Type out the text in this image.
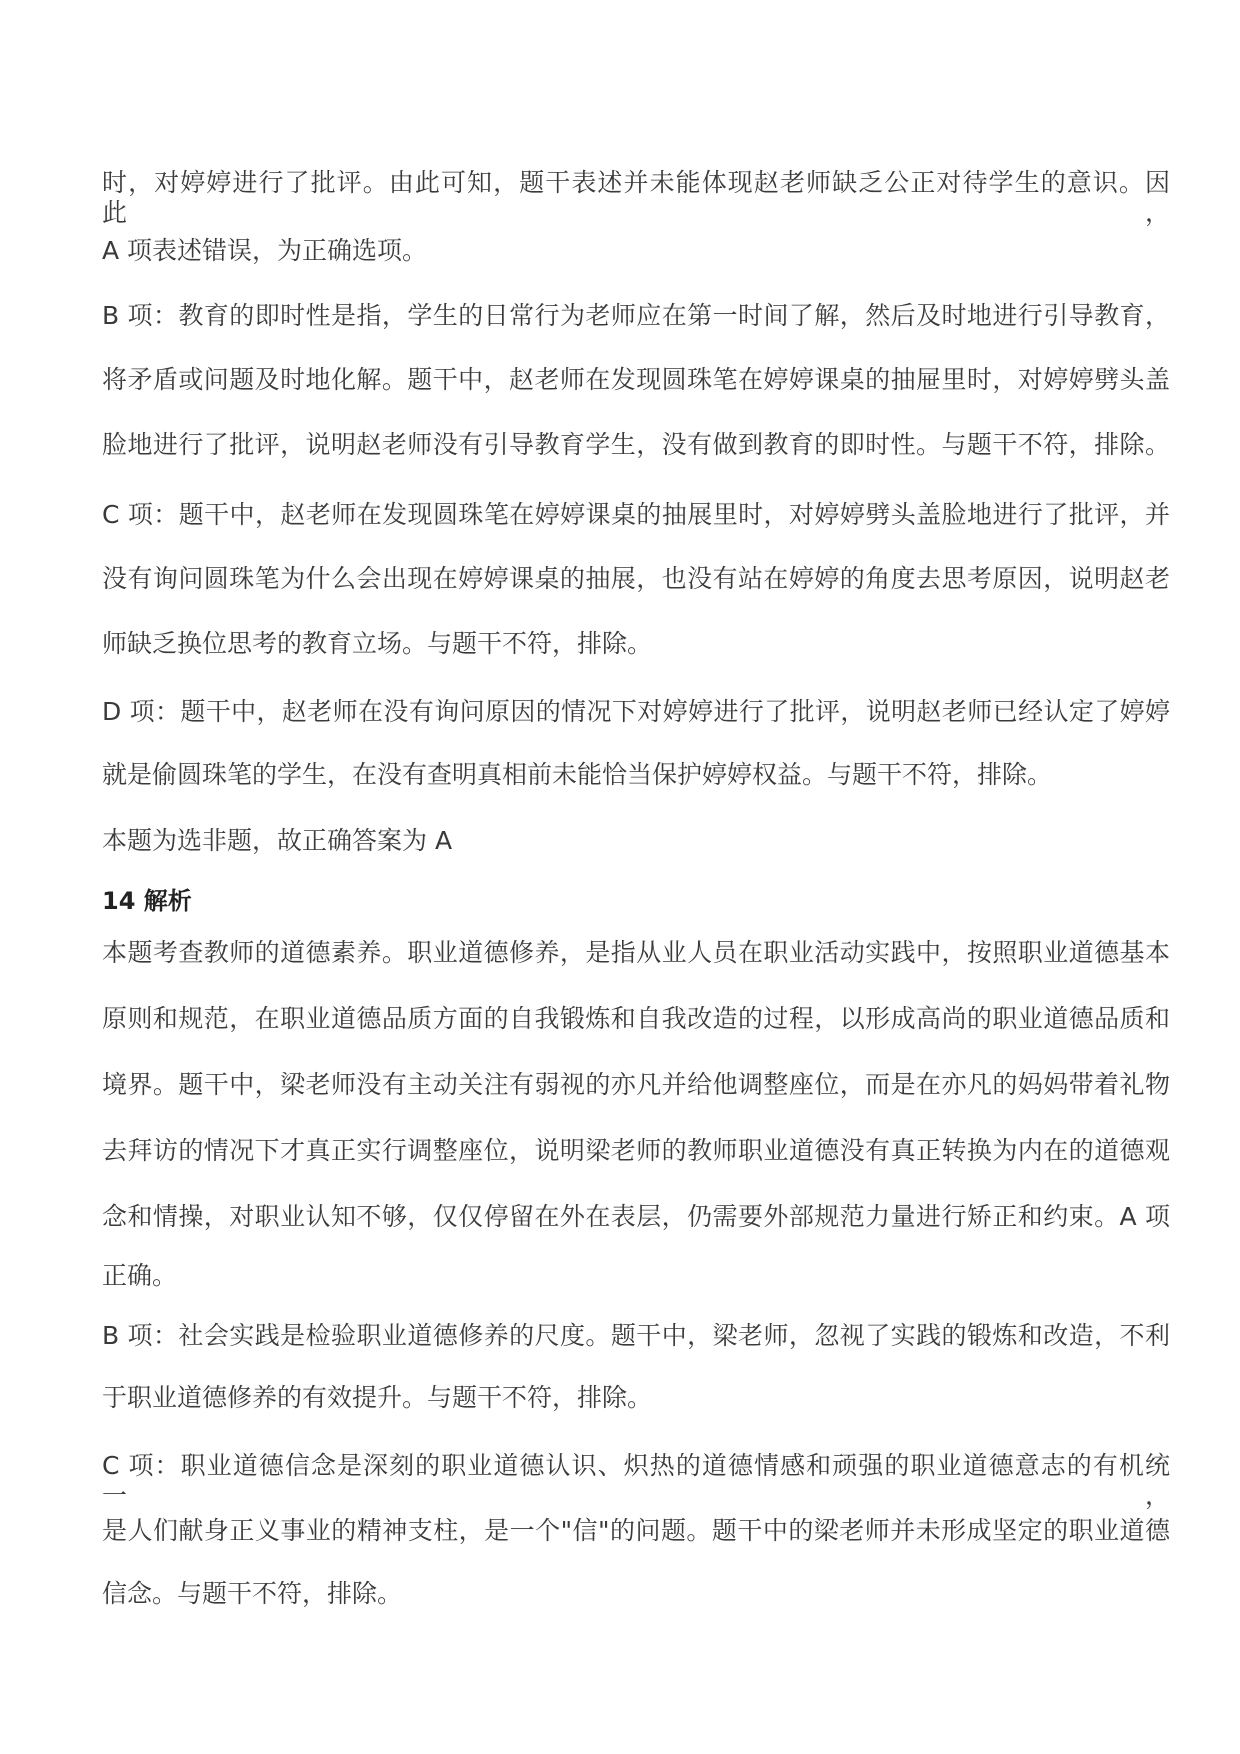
时，对婷婷进行了批评。由此可知，题干表述并未能体现赵老师缺乏公正对待学生的意识。因此，
A 项表述错误，为正确选项。
B 项：教育的即时性是指，学生的日常行为老师应在第一时间了解，然后及时地进行引导教育，
将矛盾或问题及时地化解。题干中，赵老师在发现圆珠笔在婷婷课桌的抽屉里时，对婷婷劈头盖
脸地进行了批评，说明赵老师没有引导教育学生，没有做到教育的即时性。与题干不符，排除。
C 项：题干中，赵老师在发现圆珠笔在婷婷课桌的抽展里时，对婷婷劈头盖脸地进行了批评，并
没有询问圆珠笔为什么会出现在婷婷课桌的抽展，也没有站在婷婷的角度去思考原因，说明赵老
师缺乏换位思考的教育立场。与题干不符，排除。
D 项：题干中，赵老师在没有询问原因的情况下对婷婷进行了批评，说明赵老师已经认定了婷婷
就是偷圆珠笔的学生，在没有查明真相前未能恰当保护婷婷权益。与题干不符，排除。
本题为选非题，故正确答案为 A
14 解析
本题考查教师的道德素养。职业道德修养，是指从业人员在职业活动实践中，按照职业道德基本
原则和规范，在职业道德品质方面的自我锻炼和自我改造的过程，以形成高尚的职业道德品质和
境界。题干中，梁老师没有主动关注有弱视的亦凡并给他调整座位，而是在亦凡的妈妈带着礼物
去拜访的情况下才真正实行调整座位，说明梁老师的教师职业道德没有真正转换为内在的道德观
念和情操，对职业认知不够，仅仅停留在外在表层，仍需要外部规范力量进行矫正和约束。A 项
正确。
B 项：社会实践是检验职业道德修养的尺度。题干中，梁老师，忽视了实践的锻炼和改造，不利
于职业道德修养的有效提升。与题干不符，排除。
C 项：职业道德信念是深刻的职业道德认识、炽热的道德情感和顽强的职业道德意志的有机统一，
是人们献身正义事业的精神支柱，是一个"信"的问题。题干中的梁老师并未形成坚定的职业道德
信念。与题干不符，排除。
